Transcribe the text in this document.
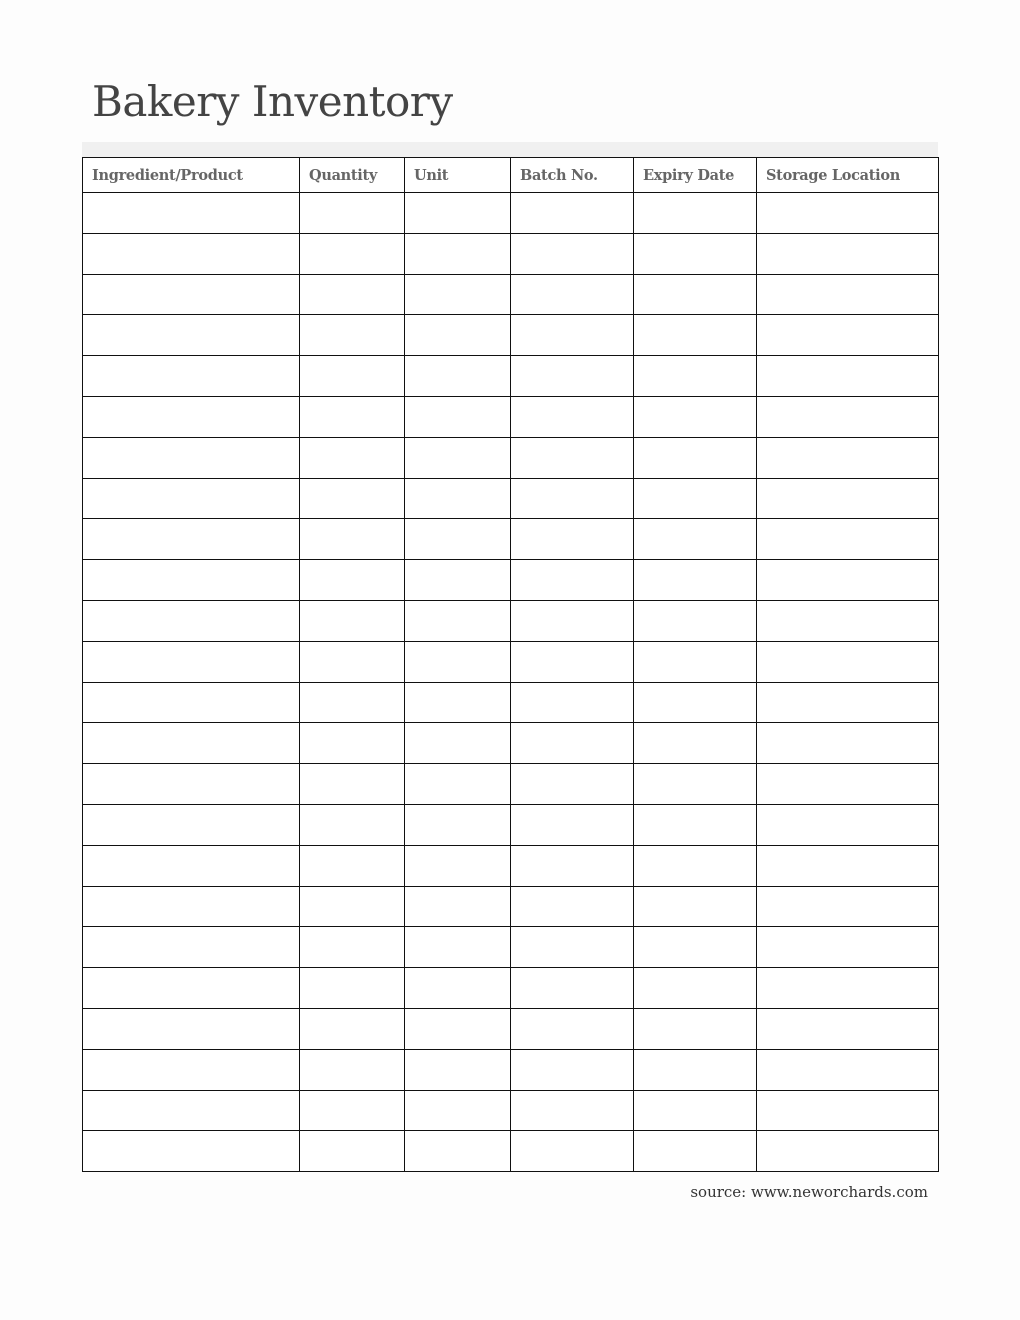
Bakery Inventory
Ingredient/Product	Quantity	Unit	Batch No.	Expiry Date	Storage Location

source: www.neworchards.com
